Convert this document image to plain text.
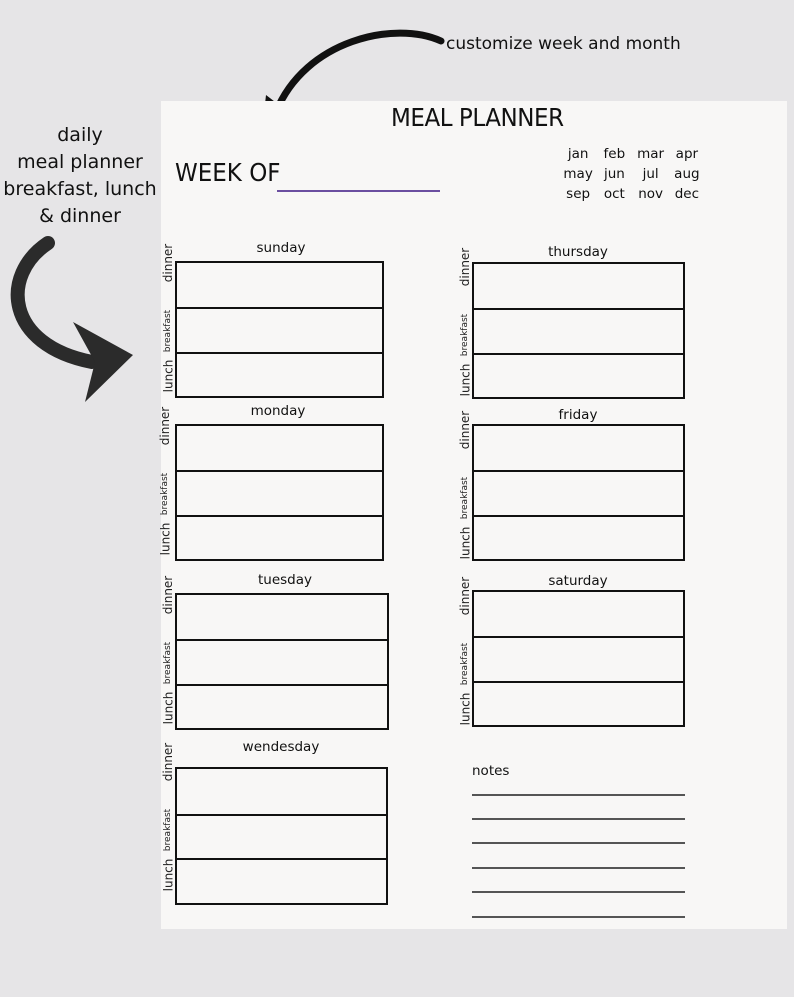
customize week and month
daily
meal planner
breakfast, lunch
& dinner
MEAL PLANNER
WEEK OF
jan	feb mar apr
may jun	jul	aug
sep	oct nov dec
sunday
breakfast
lunch
dinner
monday
breakfast
lunch
dinner
tuesday
breakfast
lunch
dinner
wendesday
breakfast
lunch
dinner
thursday
breakfast
lunch
dinner
friday
breakfast
lunch
dinner
saturday
breakfast
lunch
dinner
notes
